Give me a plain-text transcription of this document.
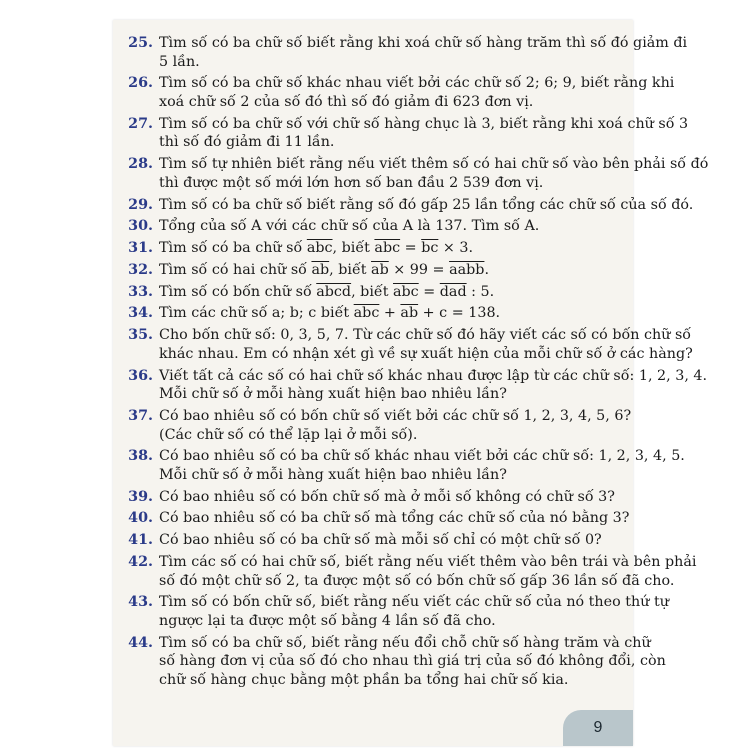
25. Tìm số có ba chữ số biết rằng khi xoá chữ số hàng trăm thì số đó giảm đi
5 lần.
26. Tìm số có ba chữ số khác nhau viết bởi các chữ số 2; 6; 9, biết rằng khi
xoá chữ số 2 của số đó thì số đó giảm đi 623 đơn vị.
27. Tìm số có ba chữ số với chữ số hàng chục là 3, biết rằng khi xoá chữ số 3
thì số đó giảm đi 11 lần.
28. Tìm số tự nhiên biết rằng nếu viết thêm số có hai chữ số vào bên phải số đó
thì được một số mới lớn hơn số ban đầu 2 539 đơn vị.
29. Tìm số có ba chữ số biết rằng số đó gấp 25 lần tổng các chữ số của số đó.
30. Tổng của số A với các chữ số của A là 137. Tìm số A.
31. Tìm số có ba chữ số $\overline{abc}$, biết $\overline{abc} = \overline{bc} \times 3$.
32. Tìm số có hai chữ số $\overline{ab}$, biết $\overline{ab} \times 99$ = aabb.
33. Tìm số có bốn chữ số abcd, biết $\overline{abc} = \overline{dad}$ : 5.
34. Tìm các chữ số a; b; c biết $\overline{abc} + \overline{ab} + c = 138$.
35. Cho bốn chữ số: 0, 3, 5, 7. Từ các chữ số đó hãy viết các số có bốn chữ số
khác nhau. Em có nhận xét gì về sự xuất hiện của mỗi chữ số ở các hàng?
36. Viết tất cả các số có hai chữ số khác nhau được lập từ các chữ số: 1, 2, 3, 4.
Mỗi chữ số ở mỗi hàng xuất hiện bao nhiêu lần?
37. Có bao nhiêu số có bốn chữ số viết bởi các chữ số 1, 2, 3, 4, 5, 6?
(Các chữ số có thể lặp lại ở mỗi số).
38. Có bao nhiêu số có ba chữ số khác nhau viết bởi các chữ số: 1, 2, 3, 4, 5.
Mỗi chữ số ở mỗi hàng xuất hiện bao nhiêu lần?
39. Có bao nhiêu số có bốn chữ số mà ở mỗi số không có chữ số 3?
40. Có bao nhiêu số có ba chữ số mà tổng các chữ số của nó bằng 3?
41. Có bao nhiêu số có ba chữ số mà mỗi số chỉ có một chữ số 0?
42. Tìm các số có hai chữ số, biết rằng nếu viết thêm vào bên trái và bên phải
số đó một chữ số 2, ta được một số có bốn chữ số gấp 36 lần số đã cho.
43. Tìm số có bốn chữ số, biết rằng nếu viết các chữ số của nó theo thứ tự
ngược lại ta được một số bằng 4 lần số đã cho.
44. Tìm số có ba chữ số, biết rằng nếu đổi chỗ chữ số hàng trăm và chữ
số hàng đơn vị của số đó cho nhau thì giá trị của số đó không đổi, còn
chữ số hàng chục bằng một phần ba tổng hai chữ số kia.
9
